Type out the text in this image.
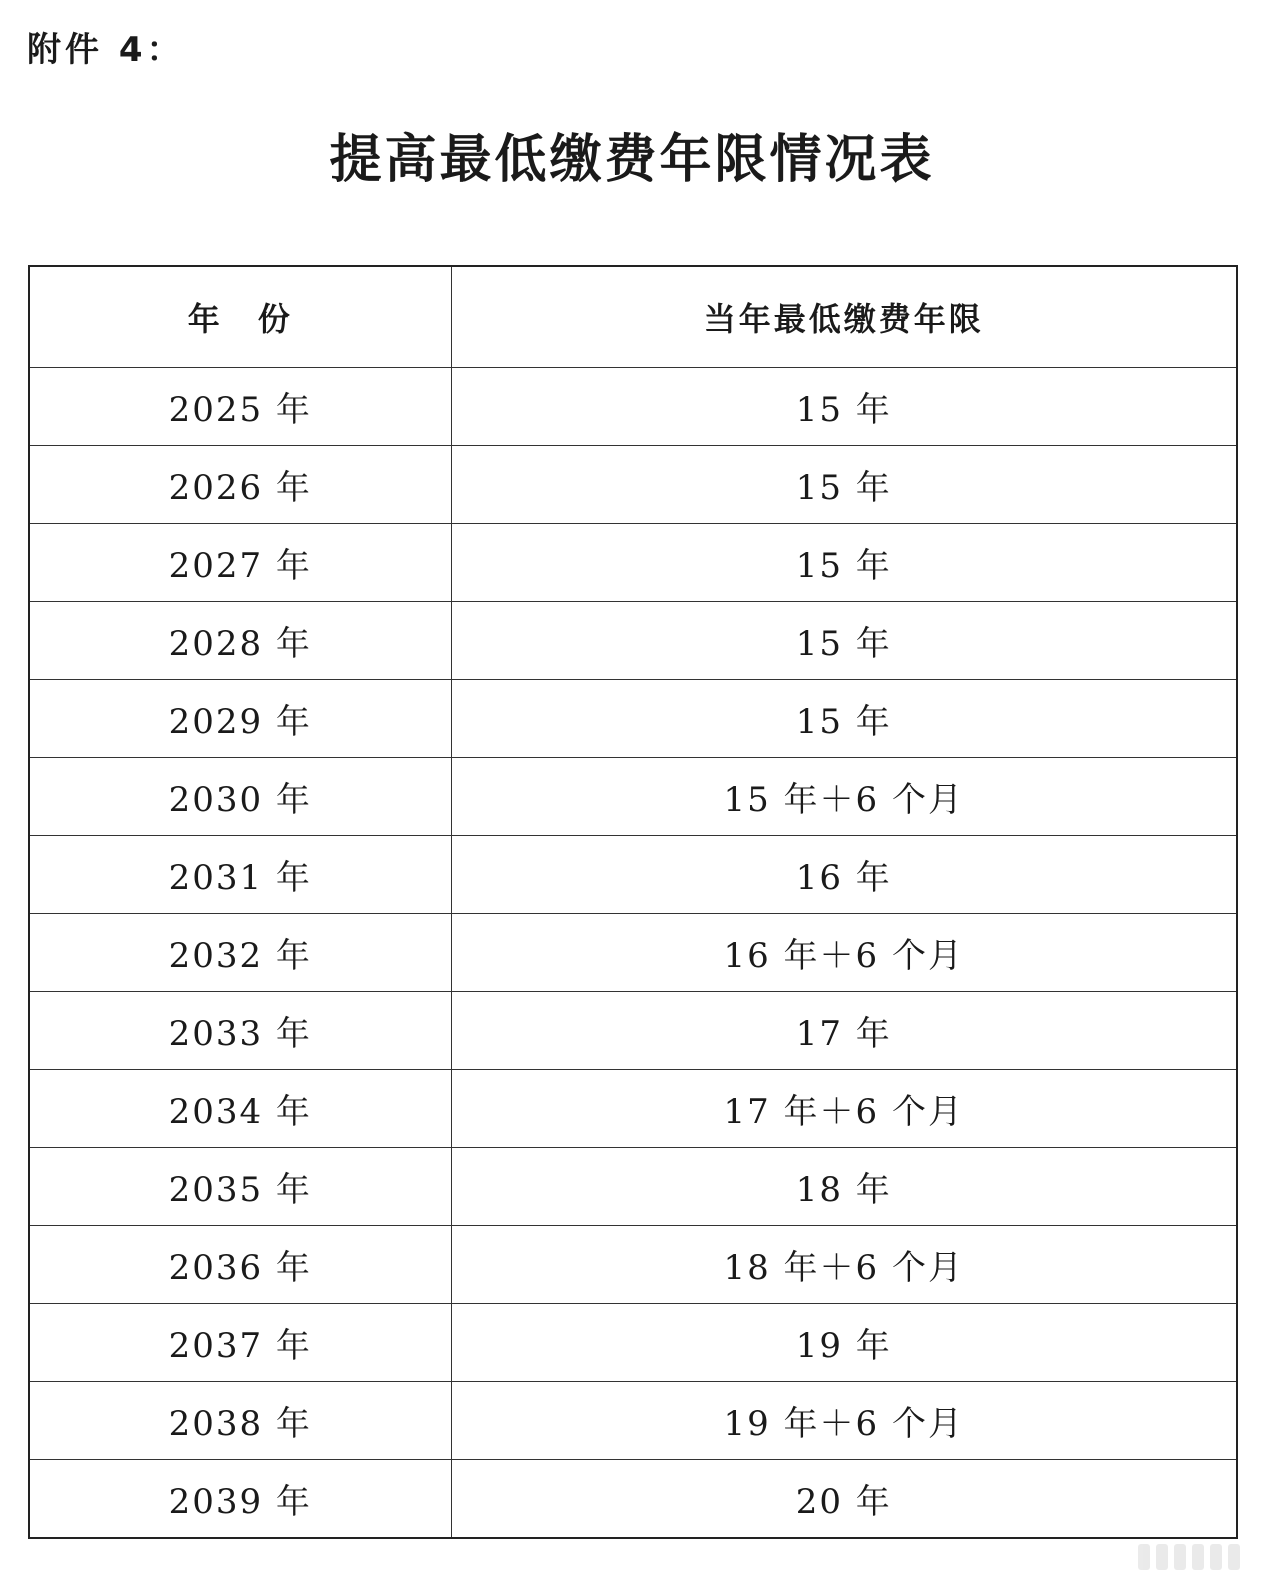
附件 4：
提高最低缴费年限情况表
年　份	当年最低缴费年限
2025 年	15 年
2026 年	15 年
2027 年	15 年
2028 年	15 年
2029 年	15 年
2030 年	15 年＋6 个月
2031 年	16 年
2032 年	16 年＋6 个月
2033 年	17 年
2034 年	17 年＋6 个月
2035 年	18 年
2036 年	18 年＋6 个月
2037 年	19 年
2038 年	19 年＋6 个月
2039 年	20 年
